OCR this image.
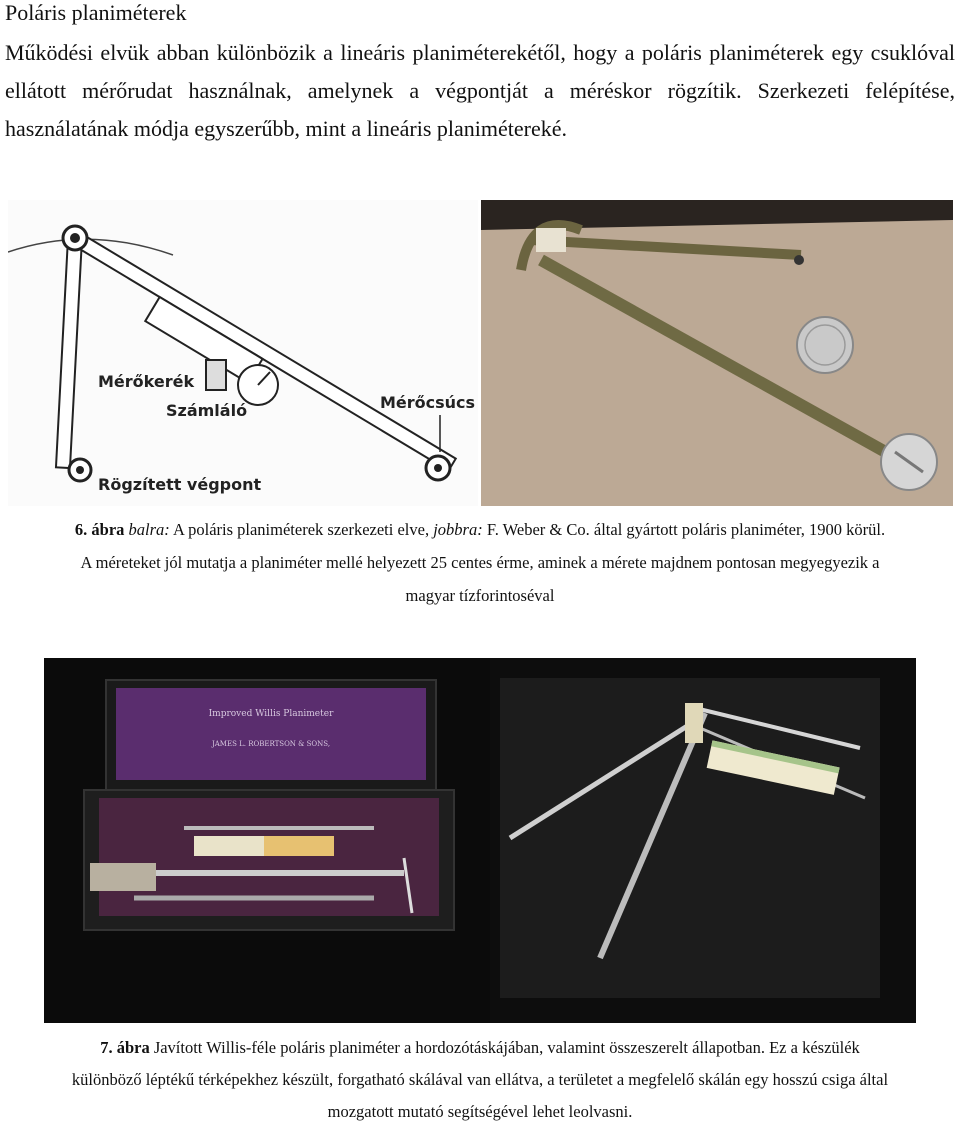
Poláris planiméterek
Működési elvük abban különbözik a lineáris planiméterekétől, hogy a poláris planiméterek egy csuklóval ellátott mérőrudat használnak, amelynek a végpontját a méréskor rögzítik. Szerkezeti felépítése, használatának módja egyszerűbb, mint a lineáris planimétereké.
Mérőkerék
Számláló	Mérőcsúcs
Rögzített végpont
6. ábra balra: A poláris planiméterek szerkezeti elve, jobbra: F. Weber & Co. által gyártott poláris planiméter, 1900 körül.
A méreteket jól mutatja a planiméter mellé helyezett 25 centes érme, aminek a mérete majdnem pontosan megyegyezik a
magyar tízforintoséval
Improved Willis Planimeter
JAMES L. ROBERTSON & SONS,
7. ábra Javított Willis-féle poláris planiméter a hordozótáskájában, valamint összeszerelt állapotban. Ez a készülék
különböző léptékű térképekhez készült, forgatható skálával van ellátva, a területet a megfelelő skálán egy hosszú csiga által
mozgatott mutató segítségével lehet leolvasni.
